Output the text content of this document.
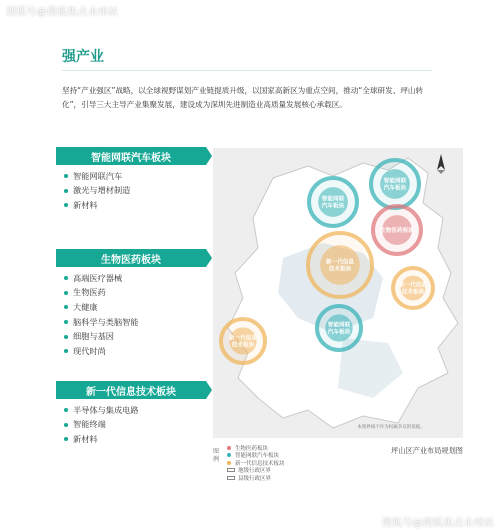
搜狐号@搜狐焦点永州站
强产业

坚持“产业强区”战略，以全球视野谋划产业链提质升级，以国家高新区为重点空间，推动“全球研发、坪山转化”，引导三大主导产业集聚发展，建设成为深圳先进制造业高质量发展核心承载区。

智能网联汽车板块
智能网联汽车
激光与增材制造
新材料
生物医药板块
高端医疗器械
生物医药
大健康
脑科学与类脑智能
细胞与基因
现代时尚
新一代信息技术板块
半导体与集成电路
智能终端
新材料
智能网联
汽车板块
智能网联
汽车板块
生物医药板块
新一代信息
技术板块
新一代信息
技术板块
新一代信息
技术板块
智能网联
汽车板块
本图界线不作为权属争议的依据。
图例
生物医药板块
智能网联汽车板块
新一代信息技术板块
地级行政区界
县级行政区界
坪山区产业布局规划图
搜狐号@搜狐焦点永州站
